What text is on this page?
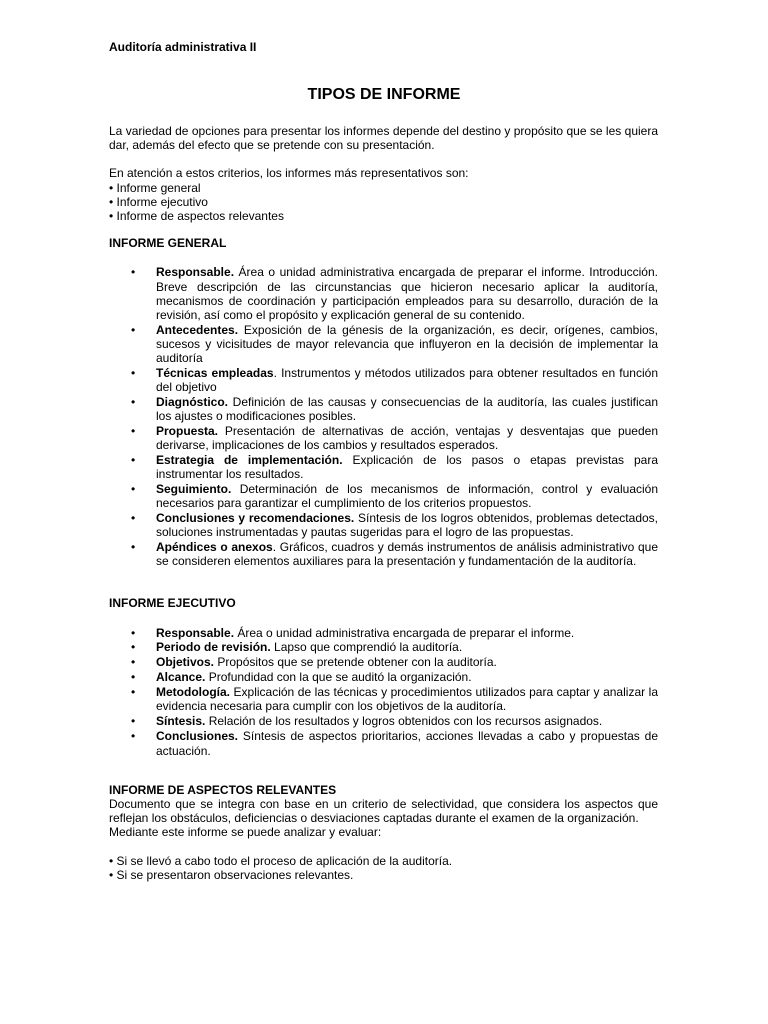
Auditoría administrativa II
TIPOS DE INFORME

La variedad de opciones para presentar los informes depende del destino y propósito que se les quiera dar, además del efecto que se pretende con su presentación.

En atención a estos criterios, los informes más representativos son:

• Informe general
• Informe ejecutivo
• Informe de aspectos relevantes
INFORME GENERAL
• Responsable. Área o unidad administrativa encargada de preparar el informe. Introducción. Breve descripción de las circunstancias que hicieron necesario aplicar la auditoría, mecanismos de coordinación y participación empleados para su desarrollo, duración de la revisión, así como el propósito y explicación general de su contenido.
• Antecedentes. Exposición de la génesis de la organización, es decir, orígenes, cambios, sucesos y vicisitudes de mayor relevancia que influyeron en la decisión de implementar la auditoría
• Técnicas empleadas. Instrumentos y métodos utilizados para obtener resultados en función del objetivo
• Diagnóstico. Definición de las causas y consecuencias de la auditoría, las cuales justifican los ajustes o modificaciones posibles.
• Propuesta. Presentación de alternativas de acción, ventajas y desventajas que pueden derivarse, implicaciones de los cambios y resultados esperados.
• Estrategia de implementación. Explicación de los pasos o etapas previstas para instrumentar los resultados.
• Seguimiento. Determinación de los mecanismos de información, control y evaluación necesarios para garantizar el cumplimiento de los criterios propuestos.
• Conclusiones y recomendaciones. Síntesis de los logros obtenidos, problemas detectados, soluciones instrumentadas y pautas sugeridas para el logro de las propuestas.
• Apéndices o anexos. Gráficos, cuadros y demás instrumentos de análisis administrativo que se consideren elementos auxiliares para la presentación y fundamentación de la auditoría.
INFORME EJECUTIVO
• Responsable. Área o unidad administrativa encargada de preparar el informe.
• Periodo de revisión. Lapso que comprendió la auditoría.
• Objetivos. Propósitos que se pretende obtener con la auditoría.
• Alcance. Profundidad con la que se auditó la organización.
• Metodología. Explicación de las técnicas y procedimientos utilizados para captar y analizar la evidencia necesaria para cumplir con los objetivos de la auditoría.
• Síntesis. Relación de los resultados y logros obtenidos con los recursos asignados.
• Conclusiones. Síntesis de aspectos prioritarios, acciones llevadas a cabo y propuestas de actuación.
INFORME DE ASPECTOS RELEVANTES

Documento que se integra con base en un criterio de selectividad, que considera los aspectos que reflejan los obstáculos, deficiencias o desviaciones captadas durante el examen de la organización.

Mediante este informe se puede analizar y evaluar:

• Si se llevó a cabo todo el proceso de aplicación de la auditoría.
• Si se presentaron observaciones relevantes.
